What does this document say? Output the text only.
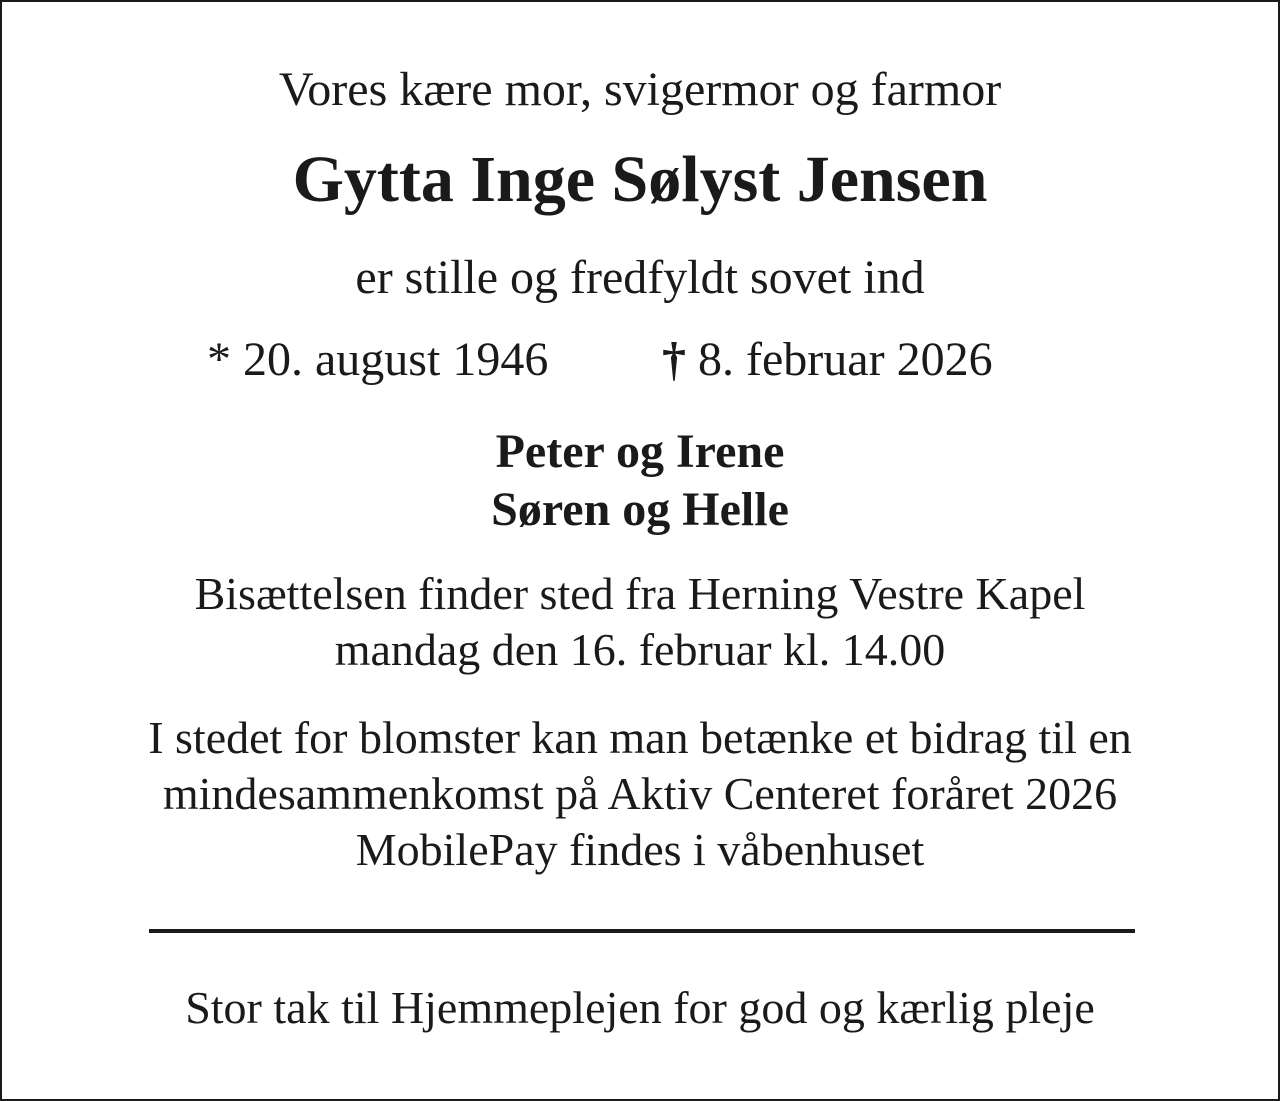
Vores kære mor, svigermor og farmor
Gytta Inge Sølyst Jensen
er stille og fredfyldt sovet ind
* 20. august 1946 † 8. februar 2026
Peter og Irene
Søren og Helle
Bisættelsen finder sted fra Herning Vestre Kapel
mandag den 16. februar kl. 14.00
I stedet for blomster kan man betænke et bidrag til en
mindesammenkomst på Aktiv Centeret foråret 2026
MobilePay findes i våbenhuset
Stor tak til Hjemmeplejen for god og kærlig pleje
